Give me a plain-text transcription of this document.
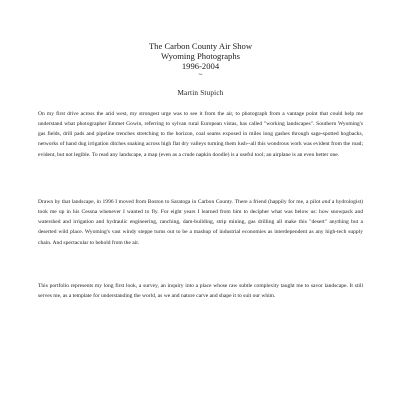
The Carbon County Air Show
Wyoming Photographs
1996-2004
~
Martin Stupich

On my first drive across the arid west, my strongest urge was to see it from the air, to photograph from a vantage point that could help me understand what photographer Emmet Gowin, referring to sylvan rural European vistas, has called "working landscapes". Southern Wyoming's gas fields, drill pads and pipeline trenches stretching to the horizon, coal seams exposed in miles long gashes through sage-spotted hogbacks, networks of hand dug irrigation ditches snaking across high flat dry valleys turning them lush--all this wondrous work was evident from the road; evident, but not legible. To read any landscape, a map (even as a crude napkin doodle) is a useful tool; an airplane is an even better one.

Drawn by that landscape, in 1996 I moved from Boston to Saratoga in Carbon County. There a friend (happily for me, a pilot and a hydrologist) took me up in his Cessna whenever I wanted to fly. For eight years I learned from him to decipher what was below us: how snowpack and watershed and irrigation and hydraulic engineering, ranching, dam-building, strip mining, gas drilling all make this "desert" anything but a deserted wild place. Wyoming's vast windy steppe turns out to be a mashup of industrial economies as interdependent as any high-tech supply chain. And spectacular to behold from the air.

This portfolio represents my long first look, a survey, an inquiry into a place whose raw subtle complexity taught me to savor landscape. It still serves me, as a template for understanding the world, as we and nature carve and shape it to suit our whim.
